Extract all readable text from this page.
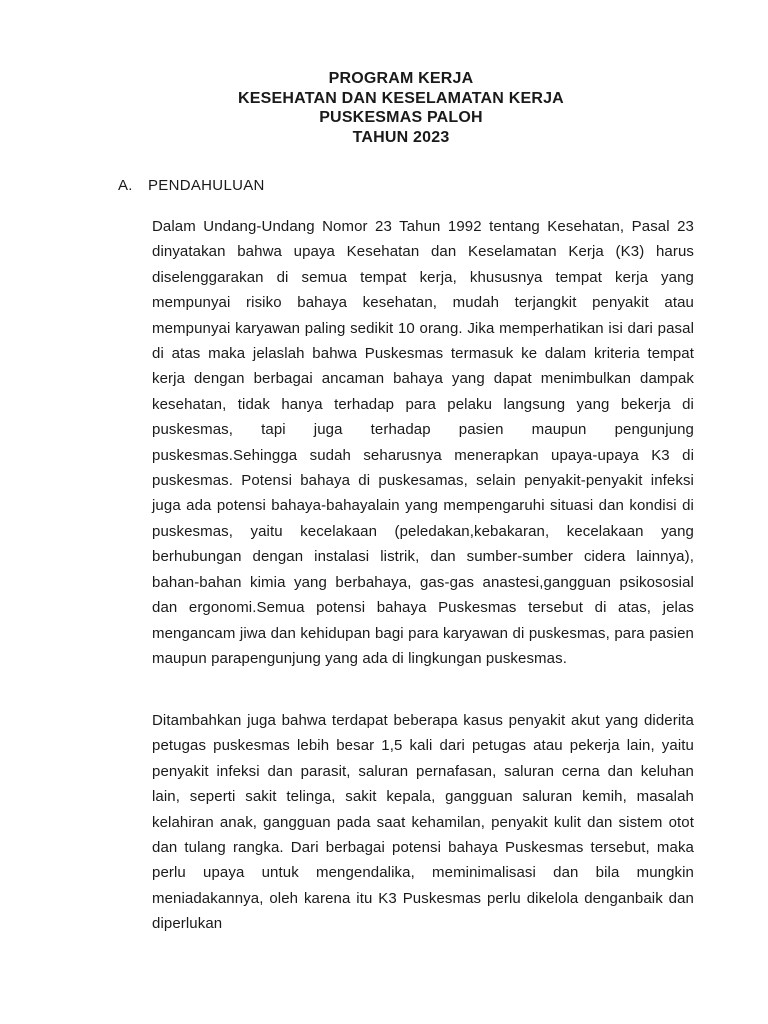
PROGRAM KERJA
KESEHATAN DAN KESELAMATAN KERJA
PUSKESMAS PALOH
TAHUN 2023
A. PENDAHULUAN

Dalam Undang-Undang Nomor 23 Tahun 1992 tentang Kesehatan, Pasal 23 dinyatakan bahwa upaya Kesehatan dan Keselamatan Kerja (K3) harus diselenggarakan di semua tempat kerja, khususnya tempat kerja yang mempunyai risiko bahaya kesehatan, mudah terjangkit penyakit atau mempunyai karyawan paling sedikit 10 orang. Jika memperhatikan isi dari pasal di atas maka jelaslah bahwa Puskesmas termasuk ke dalam kriteria tempat kerja dengan berbagai ancaman bahaya yang dapat menimbulkan dampak kesehatan, tidak hanya terhadap para pelaku langsung yang bekerja di puskesmas, tapi juga terhadap pasien maupun pengunjung puskesmas.Sehingga sudah seharusnya menerapkan upaya-upaya K3 di puskesmas. Potensi bahaya di puskesamas, selain penyakit-penyakit infeksi juga ada potensi bahaya-bahayalain yang mempengaruhi situasi dan kondisi di puskesmas, yaitu kecelakaan (peledakan,kebakaran, kecelakaan yang berhubungan dengan instalasi listrik, dan sumber-sumber cidera lainnya), bahan-bahan kimia yang berbahaya, gas-gas anastesi,gangguan psikososial dan ergonomi.Semua potensi bahaya Puskesmas tersebut di atas, jelas mengancam jiwa dan kehidupan bagi para karyawan di puskesmas, para pasien maupun parapengunjung yang ada di lingkungan puskesmas.

Ditambahkan juga bahwa terdapat beberapa kasus penyakit akut yang diderita petugas puskesmas lebih besar 1,5 kali dari petugas atau pekerja lain, yaitu penyakit infeksi dan parasit, saluran pernafasan, saluran cerna dan keluhan lain, seperti sakit telinga, sakit kepala, gangguan saluran kemih, masalah kelahiran anak, gangguan pada saat kehamilan, penyakit kulit dan sistem otot dan tulang rangka. Dari berbagai potensi bahaya Puskesmas tersebut, maka perlu upaya untuk mengendalika, meminimalisasi dan bila mungkin meniadakannya, oleh karena itu K3 Puskesmas perlu dikelola denganbaik dan diperlukan
